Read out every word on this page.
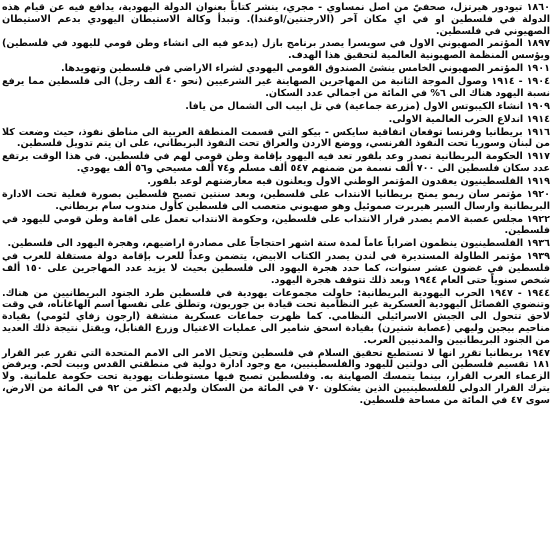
١٨٦٠ تيودور هيرتزل، صحفيّ من اصل نمساوي - مجري، ينشر كتاباً بعنوان الدولة اليهودية، يدافع فيه عن قيام هذه الدولة في فلسطين او في اي مكان آخر (الارجنتين/اوغندا). وتبدأ وكالة الاستيطان اليهودي بدعم الاستيطان الصهيوني في فلسطين.

١٨٩٧ المؤتمر الصهيوني الاول في سويسرا يصدر برنامج بازل (يدعو فيه الى انشاء وطن قومي لليهود في فلسطين) ويؤسس المنظمة الصهيونية العالمية لتحقيق هذا الهدف.

١٩٠١ المؤتمر الصهيوني الخامس ينشئ الصندوق القومي اليهودي لشراء الاراضي في فلسطين وتهويدها.

١٩٠٤ - ١٩١٤ وصول الموجة الثانية من المهاجرين الصهاينة غير الشرعيين (نحو ٤٠ ألف رجل) الى فلسطين مما يرفع نسبة اليهود هناك الى ٦% في المائة من اجمالي عدد السكان.

١٩٠٩ انشاء الكيبوتس الاول (مزرعة جماعية) في تل ابيب الى الشمال من يافا.

١٩١٤ اندلاع الحرب العالمية الاولى.

١٩١٦ بريطانيا وفرنسا توقعان اتفاقية سايكس - بيكو التي قسمت المنطقة العربية الى مناطق نفوذ، حيث وضعت كلا من لبنان وسوريا تحت النفوذ الفرنسي، ووضع الاردن والعراق تحت النفوذ البريطاني، على ان يتم تدويل فلسطين.

١٩١٧ الحكومة البريطانية تصدر وعد بلفور تعد فيه اليهود بإقامة وطن قومي لهم في فلسطين. في هذا الوقت يرتفع عدد سكان فلسطين الى ٧٠٠ ألف نسمة من ضمنهم ٥٤٧ ألف مسلم و٧٤ ألف مسيحي و٥٦ ألف يهودي.

١٩١٩ الفلسطينيون يعقدون المؤتمر الوطني الاول ويعلنون فيه معارضتهم لوعد بلفور.

١٩٢٠ مؤتمر سان ريمو يمنح بريطانيا الانتداب على فلسطين، وبعد سنتين تصبح فلسطين بصورة فعلية تحت الادارة البريطانية وارسال السير هيربرت صموئيل وهو صهيوني متعصب الى فلسطين كأول مندوب سام بريطاني.

١٩٢٢ مجلس عصبة الامم يصدر قرار الانتداب على فلسطين، وحكومة الانتداب تعمل على اقامة وطن قومي لليهود في فلسطين.

١٩٣٦ الفلسطينيون ينظمون اضراباً عاماً لمدة ستة اشهر احتجاجاً على مصادرة اراضيهم، وهجرة اليهود الى فلسطين.

١٩٣٩ مؤتمر الطاولة المستديرة في لندن يصدر الكتاب الابيض، يتضمن وعداً للعرب بإقامة دولة مستقلة للعرب في فلسطين في غضون عشر سنوات، كما حدد هجرة اليهود الى فلسطين بحيث لا يزيد عدد المهاجرين على ١٥٠ ألف شخص سنوياً حتى العام ١٩٤٤ وبعد ذلك تتوقف هجرة اليهود.

١٩٤٤ - ١٩٤٧ الحرب اليهودية البريطانية: حاولت مجموعات يهودية في فلسطين طرد الجنود البريطانيين من هناك. وتنضوي الفصائل اليهودية العسكرية غير النظامية تحت قيادة بن جوريون، وتطلق على نفسها اسم الهاغاناه، في وقت لاحق تتحول الى الجيش الاسرائيلي النظامي. كما ظهرت جماعات عسكرية منشقة (ارجون زفاي لئومي) بقيادة مناحيم بيجين وليهي (عصابة شتيرن) بقيادة اسحق شامير الى عمليات الاغتيال وزرع القنابل، ويقتل نتيجة ذلك العديد من الجنود البريطانيين والمدنيين العرب.

١٩٤٧ بريطانيا تقرر انها لا تستطيع تحقيق السلام في فلسطين وتحيل الامر الى الامم المتحدة التي تقرر عبر القرار ١٨١ تقسيم فلسطين الى دولتين لليهود والفلسطينيين، مع وجود ادارة دولية في منطقتي القدس وبيت لحم. ويرفض الزعماء العرب القرار، بينما يتمسك الصهاينة به. وفلسطين تصبح فيها مستوطنات يهودية تحت حكومة علمانية. ولا يترك القرار الدولي للفلسطينيين الذين يشكلون ٧٠ في المائة من السكان ولديهم اكثر من ٩٢ في المائة من الارض، سوى ٤٧ في المائة من مساحة فلسطين.
